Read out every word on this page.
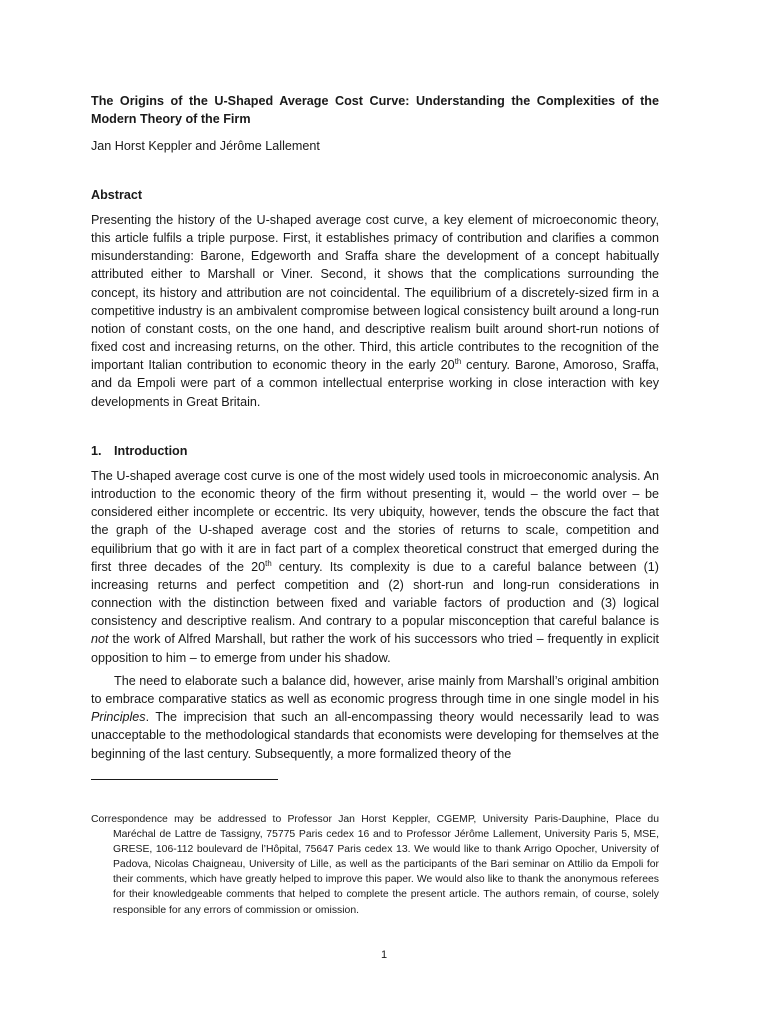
The Origins of the U-Shaped Average Cost Curve: Understanding the Complexities of the Modern Theory of the Firm
Jan Horst Keppler and Jérôme Lallement
Abstract

Presenting the history of the U-shaped average cost curve, a key element of microeconomic theory, this article fulfils a triple purpose. First, it establishes primacy of contribution and clarifies a common misunderstanding: Barone, Edgeworth and Sraffa share the development of a concept habitually attributed either to Marshall or Viner. Second, it shows that the complications surrounding the concept, its history and attribution are not coincidental. The equilibrium of a discretely-sized firm in a competitive industry is an ambivalent compromise between logical consistency built around a long-run notion of constant costs, on the one hand, and descriptive realism built around short-run notions of fixed cost and increasing returns, on the other. Third, this article contributes to the recognition of the important Italian contribution to economic theory in the early 20th century. Barone, Amoroso, Sraffa, and da Empoli were part of a common intellectual enterprise working in close interaction with key developments in Great Britain.

1. Introduction

The U-shaped average cost curve is one of the most widely used tools in microeconomic analysis. An introduction to the economic theory of the firm without presenting it, would – the world over – be considered either incomplete or eccentric. Its very ubiquity, however, tends the obscure the fact that the graph of the U-shaped average cost and the stories of returns to scale, competition and equilibrium that go with it are in fact part of a complex theoretical construct that emerged during the first three decades of the 20th century. Its complexity is due to a careful balance between (1) increasing returns and perfect competition and (2) short-run and long-run considerations in connection with the distinction between fixed and variable factors of production and (3) logical consistency and descriptive realism. And contrary to a popular misconception that careful balance is not the work of Alfred Marshall, but rather the work of his successors who tried – frequently in explicit opposition to him – to emerge from under his shadow.

The need to elaborate such a balance did, however, arise mainly from Marshall’s original ambition to embrace comparative statics as well as economic progress through time in one single model in his Principles. The imprecision that such an all-encompassing theory would necessarily lead to was unacceptable to the methodological standards that economists were developing for themselves at the beginning of the last century. Subsequently, a more formalized theory of the

Correspondence may be addressed to Professor Jan Horst Keppler, CGEMP, University Paris-Dauphine, Place du Maréchal de Lattre de Tassigny, 75775 Paris cedex 16 and to Professor Jérôme Lallement, University Paris 5, MSE, GRESE, 106-112 boulevard de l’Hôpital, 75647 Paris cedex 13. We would like to thank Arrigo Opocher, University of Padova, Nicolas Chaigneau, University of Lille, as well as the participants of the Bari seminar on Attilio da Empoli for their comments, which have greatly helped to improve this paper. We would also like to thank the anonymous referees for their knowledgeable comments that helped to complete the present article. The authors remain, of course, solely responsible for any errors of commission or omission.

1
